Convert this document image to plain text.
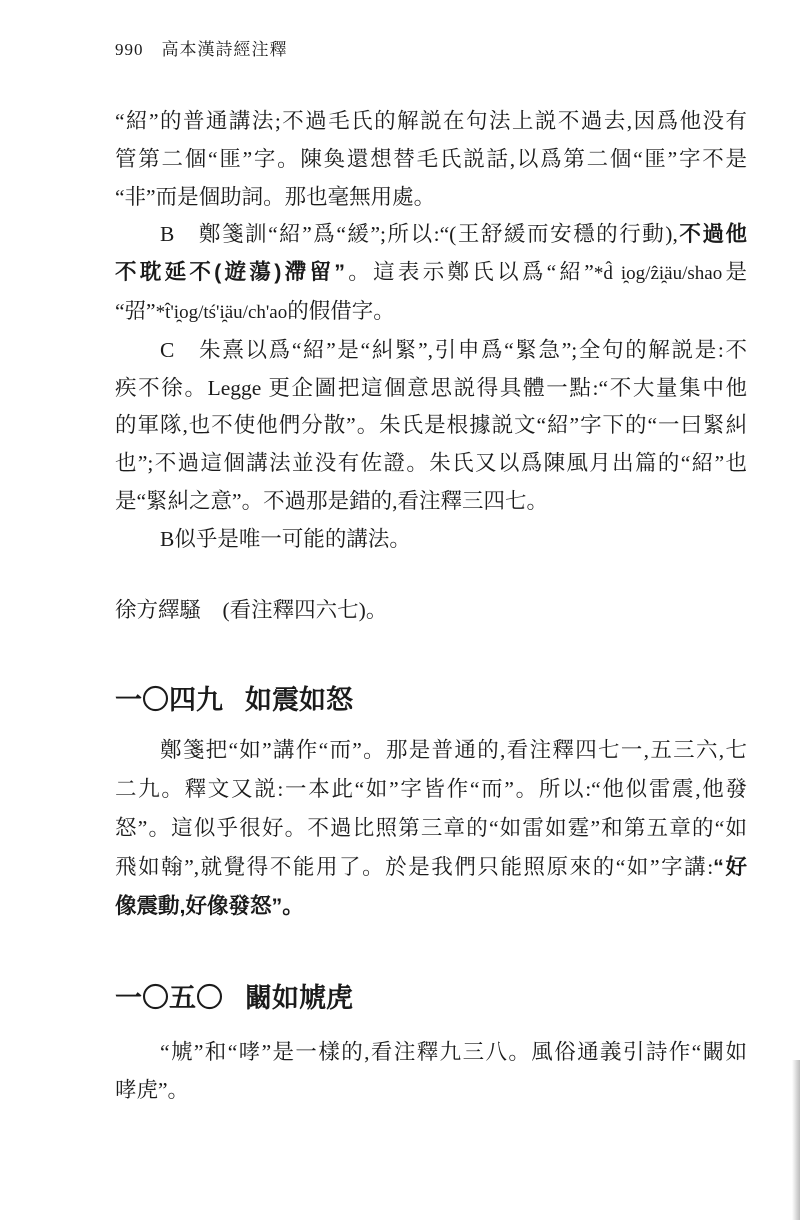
990 高本漢詩經注釋
“紹”的普通講法;不過毛氏的解説在句法上説不過去,因爲他没有
管第二個“匪”字。陳奐還想替毛氏説話,以爲第二個“匪”字不是
“非”而是個助詞。那也毫無用處。
B　鄭箋訓“紹”爲“緩”;所以:“(王舒緩而安穩的行動),不過他
不耽延不(遊蕩)滯留”。這表示鄭氏以爲“紹”*d̂ i̯og/ẑi̯äu/shao是
“弨”*t̂'i̯og/tś'i̯äu/ch'ao的假借字。
C　朱熹以爲“紹”是“糾緊”,引申爲“緊急”;全句的解説是:不
疾不徐。Legge 更企圖把這個意思説得具體一點:“不大量集中他
的軍隊,也不使他們分散”。朱氏是根據説文“紹”字下的“一曰緊糾
也”;不過這個講法並没有佐證。朱氏又以爲陳風月出篇的“紹”也
是“緊糾之意”。不過那是錯的,看注釋三四七。
B似乎是唯一可能的講法。
徐方繹騷　(看注釋四六七)。
一〇四九 如震如怒
鄭箋把“如”講作“而”。那是普通的,看注釋四七一,五三六,七
二九。釋文又説:一本此“如”字皆作“而”。所以:“他似雷震,他發
怒”。這似乎很好。不過比照第三章的“如雷如霆”和第五章的“如
飛如翰”,就覺得不能用了。於是我們只能照原來的“如”字講:“好
像震動,好像發怒”。
一〇五〇 闞如虓虎
“虓”和“哮”是一樣的,看注釋九三八。風俗通義引詩作“闞如
哮虎”。
